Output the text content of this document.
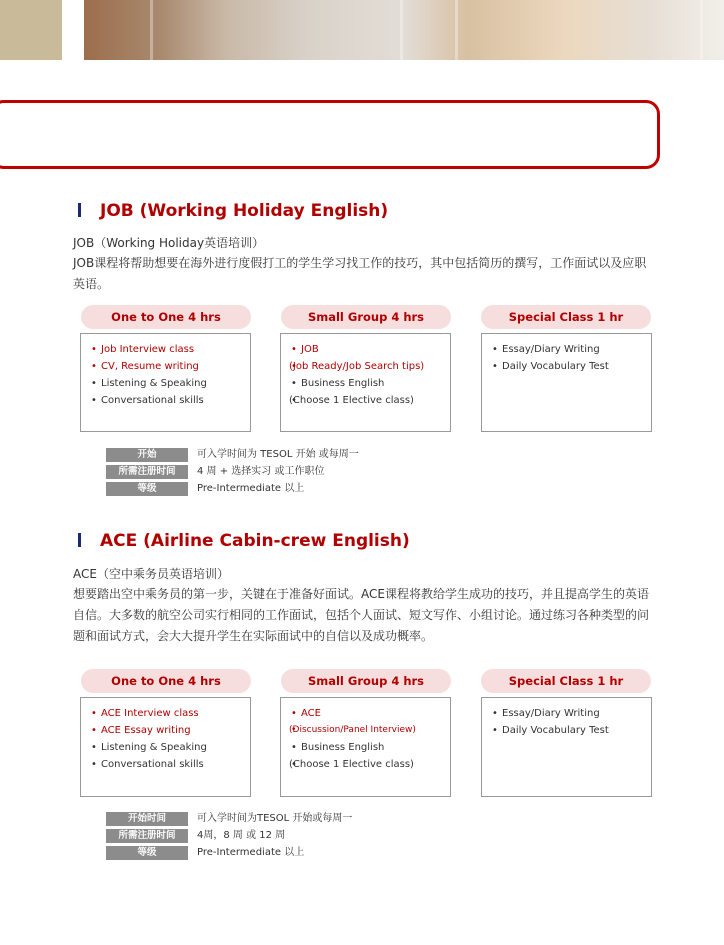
JOB (Working Holiday English)
JOB（Working Holiday英语培训）
JOB课程将帮助想要在海外进行度假打工的学生学习找工作的技巧，其中包括简历的撰写，工作面试以及应职英语。
One to One 4 hrs	Small Group 4 hrs	Special Class 1 hr
• Job Interview class
• CV, Resume writing
• Listening & Speaking
• Conversational skills
• JOB
• (Job Ready/Job Search tips)
• Business English
• (Choose 1 Elective class)
• Essay/Diary Writing
• Daily Vocabulary Test
开始	可入学时间为 TESOL 开始 或每周一
所需注册时间	4 周 + 选择实习 或工作职位
等级	Pre-Intermediate 以上
ACE (Airline Cabin-crew English)
ACE（空中乘务员英语培训）
想要踏出空中乘务员的第一步，关键在于准备好面试。ACE课程将教给学生成功的技巧，并且提高学生的英语自信。大多数的航空公司实行相同的工作面试，包括个人面试、短文写作、小组讨论。通过练习各种类型的问题和面试方式，会大大提升学生在实际面试中的自信以及成功概率。
One to One 4 hrs	Small Group 4 hrs	Special Class 1 hr
• ACE Interview class
• ACE Essay writing
• Listening & Speaking
• Conversational skills
• ACE
• (Discussion/Panel Interview)
• Business English
• (Choose 1 Elective class)
• Essay/Diary Writing
• Daily Vocabulary Test
开始时间	可入学时间为TESOL 开始或每周一
所需注册时间	4周，8 周 或 12 周
等级	Pre-Intermediate 以上
